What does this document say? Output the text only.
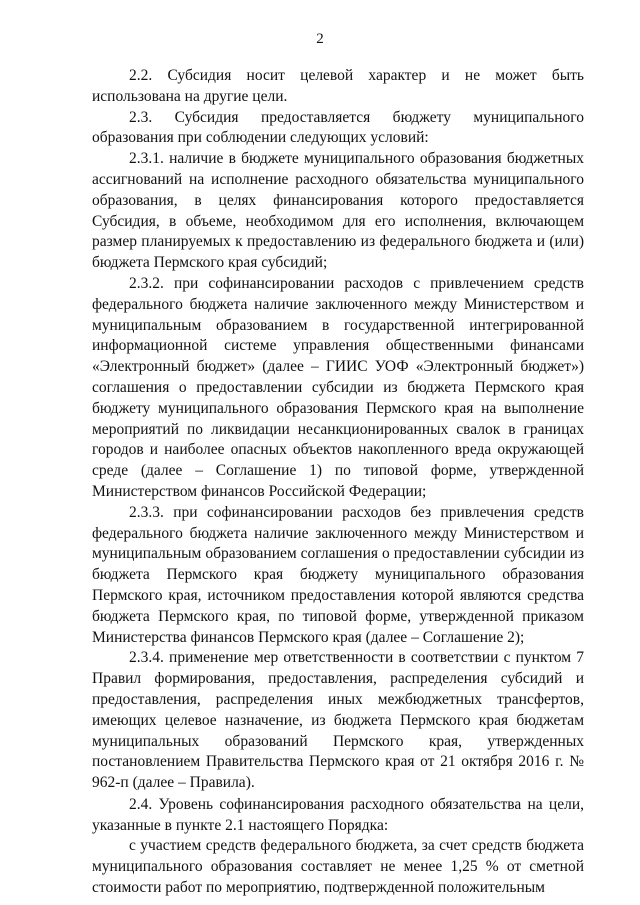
2

2.2. Субсидия носит целевой характер и не может быть использована на другие цели.

2.3. Субсидия предоставляется бюджету муниципального образования при соблюдении следующих условий:

2.3.1. наличие в бюджете муниципального образования бюджетных ассигнований на исполнение расходного обязательства муниципального образования, в целях финансирования которого предоставляется Субсидия, в объеме, необходимом для его исполнения, включающем размер планируемых к предоставлению из федерального бюджета и (или) бюджета Пермского края субсидий;

2.3.2. при софинансировании расходов с привлечением средств федерального бюджета наличие заключенного между Министерством и муниципальным образованием в государственной интегрированной информационной системе управления общественными финансами «Электронный бюджет» (далее – ГИИС УОФ «Электронный бюджет») соглашения о предоставлении субсидии из бюджета Пермского края бюджету муниципального образования Пермского края на выполнение мероприятий по ликвидации несанкционированных свалок в границах городов и наиболее опасных объектов накопленного вреда окружающей среде (далее – Соглашение 1) по типовой форме, утвержденной Министерством финансов Российской Федерации;

2.3.3. при софинансировании расходов без привлечения средств федерального бюджета наличие заключенного между Министерством и муниципальным образованием соглашения о предоставлении субсидии из бюджета Пермского края бюджету муниципального образования Пермского края, источником предоставления которой являются средства бюджета Пермского края, по типовой форме, утвержденной приказом Министерства финансов Пермского края (далее – Соглашение 2);

2.3.4. применение мер ответственности в соответствии с пунктом 7 Правил формирования, предоставления, распределения субсидий и предоставления, распределения иных межбюджетных трансфертов, имеющих целевое назначение, из бюджета Пермского края бюджетам муниципальных образований Пермского края, утвержденных постановлением Правительства Пермского края от 21 октября 2016 г. № 962-п (далее – Правила).

2.4. Уровень софинансирования расходного обязательства на цели, указанные в пункте 2.1 настоящего Порядка:

с участием средств федерального бюджета, за счет средств бюджета муниципального образования составляет не менее 1,25 % от сметной стоимости работ по мероприятию, подтвержденной положительным
